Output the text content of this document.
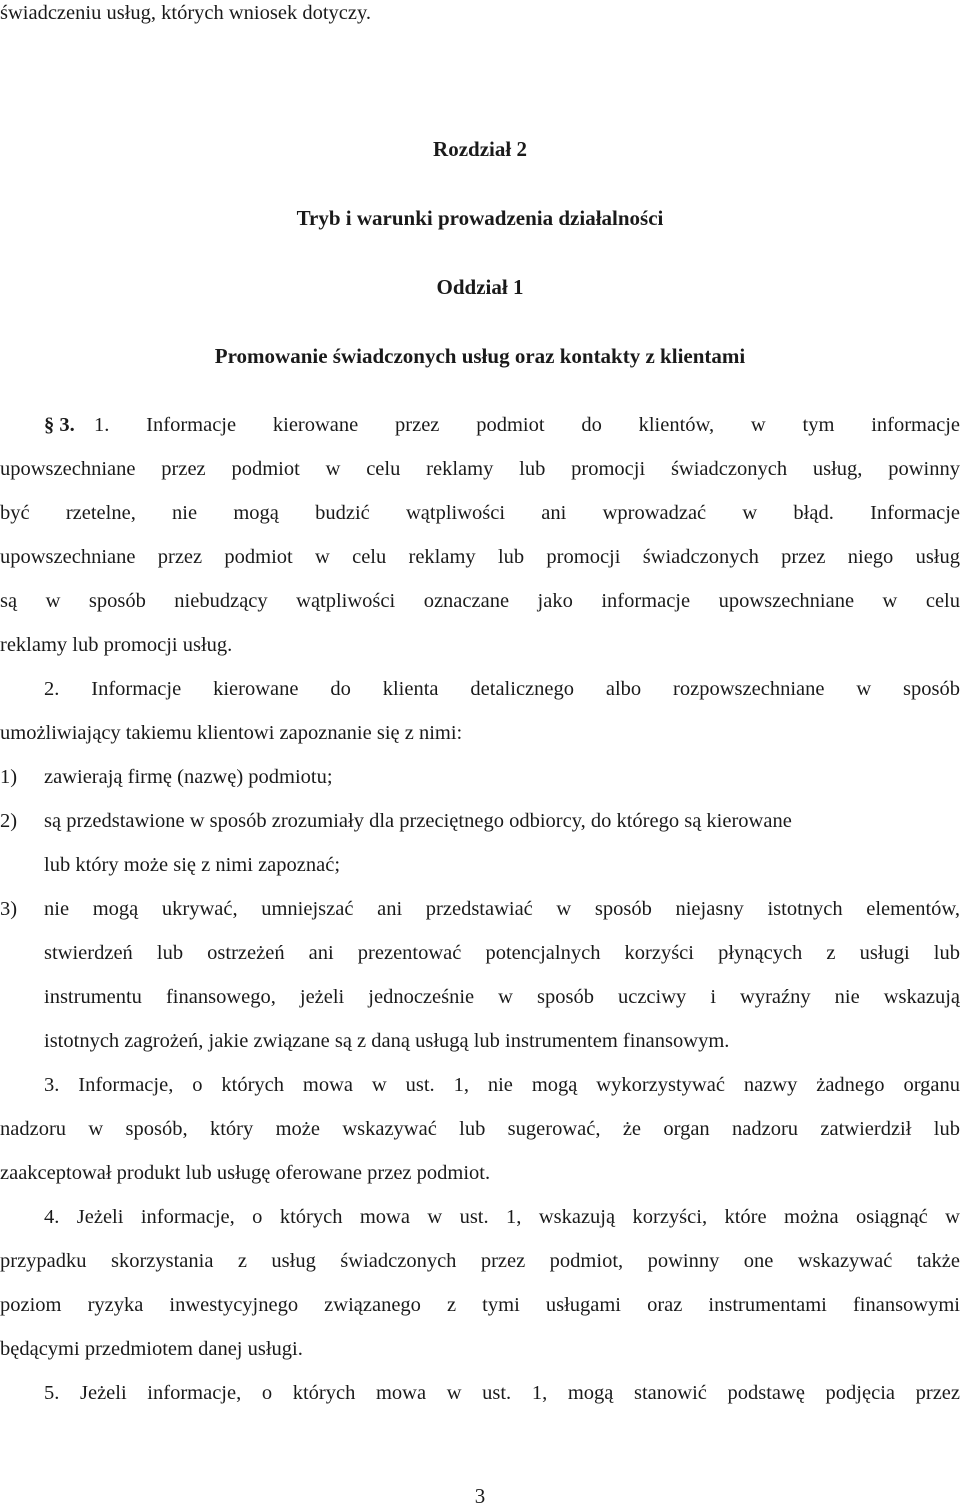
świadczeniu usług, których wniosek dotyczy.
Rozdział 2
Tryb i warunki prowadzenia działalności
Oddział 1
Promowanie świadczonych usług oraz kontakty z klientami
§ 3. 1. Informacje kierowane przez podmiot do klientów, w tym informacje
upowszechniane przez podmiot w celu reklamy lub promocji świadczonych usług, powinny
być rzetelne, nie mogą budzić wątpliwości ani wprowadzać w błąd. Informacje
upowszechniane przez podmiot w celu reklamy lub promocji świadczonych przez niego usług
są w sposób niebudzący wątpliwości oznaczane jako informacje upowszechniane w celu
reklamy lub promocji usług.
2. Informacje kierowane do klienta detalicznego albo rozpowszechniane w sposób
umożliwiający takiemu klientowi zapoznanie się z nimi:
1) zawierają firmę (nazwę) podmiotu;
2) są przedstawione w sposób zrozumiały dla przeciętnego odbiorcy, do którego są kierowane
lub który może się z nimi zapoznać;
3) nie mogą ukrywać, umniejszać ani przedstawiać w sposób niejasny istotnych elementów,
stwierdzeń lub ostrzeżeń ani prezentować potencjalnych korzyści płynących z usługi lub
instrumentu finansowego, jeżeli jednocześnie w sposób uczciwy i wyraźny nie wskazują
istotnych zagrożeń, jakie związane są z daną usługą lub instrumentem finansowym.
3. Informacje, o których mowa w ust. 1, nie mogą wykorzystywać nazwy żadnego organu
nadzoru w sposób, który może wskazywać lub sugerować, że organ nadzoru zatwierdził lub
zaakceptował produkt lub usługę oferowane przez podmiot.
4. Jeżeli informacje, o których mowa w ust. 1, wskazują korzyści, które można osiągnąć w
przypadku skorzystania z usług świadczonych przez podmiot, powinny one wskazywać także
poziom ryzyka inwestycyjnego związanego z tymi usługami oraz instrumentami finansowymi
będącymi przedmiotem danej usługi.
5. Jeżeli informacje, o których mowa w ust. 1, mogą stanowić podstawę podjęcia przez
3
